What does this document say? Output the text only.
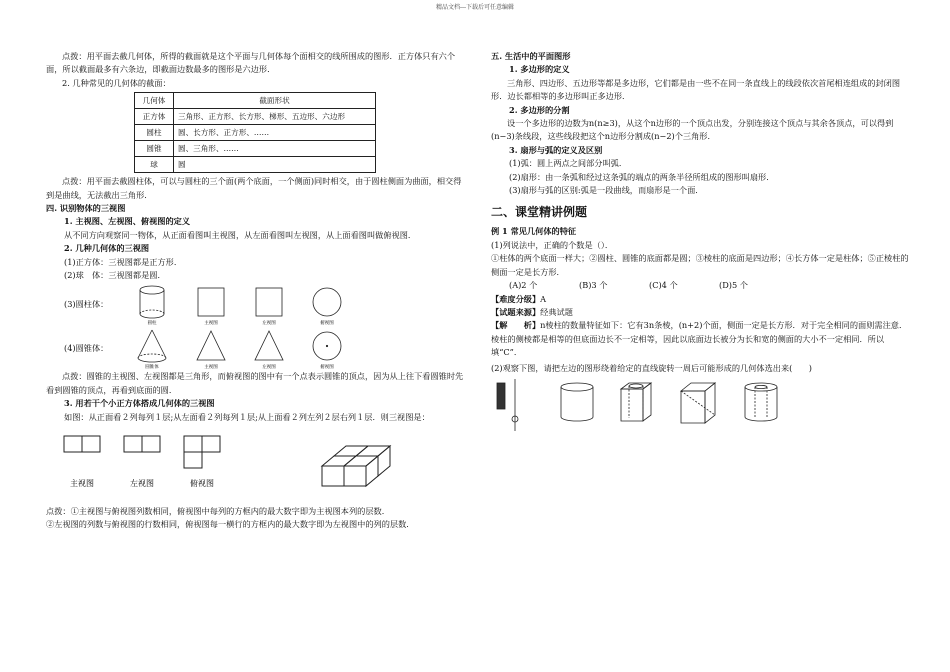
精品文档---下载后可任意编辑

点拨：用平面去截几何体，所得的截面就是这个平面与几何体每个面相交的线所围成的图形．正方体只有六个面，所以截面最多有六条边，即截面边数最多的图形是六边形．

2. 几种常见的几何体的截面：

几何体	截面形状
正方体	三角形、正方形、长方形、梯形、五边形、六边形
圆柱	圆、长方形、正方形、……
圆锥	圆、三角形、……
球	圆

点拨：用平面去截圆柱体，可以与圆柱的三个面(两个底面，一个侧面)同时相交，由于圆柱侧面为曲面，相交得到是曲线，无法截出三角形．

四. 识别物体的三视图

1. 主视图、左视图、俯视图的定义

从不同方向观察同一物体，从正面看图叫主视图，从左面看图叫左视图，从上面看图叫做俯视图．

2. 几种几何体的三视图

(1)正方体：三视图都是正方形．

(2)球　体：三视图都是圆．

(3)圆柱体：
圆柱	主视图	左视图	俯视图
(4)圆锥体：
圆锥体	主视图	左视图	俯视图

点拨：圆锥的主视图、左视图都是三角形，而俯视图的图中有一个点表示圆锥的顶点，因为从上往下看圆锥时先看到圆锥的顶点，再看到底面的圆．

3. 用若干个小正方体搭成几何体的三视图

如图：从正面看２列每列１层;从左面看２列每列１层;从上面看２列左列２层右列１层．则三视图是：

主视图	左视图	俯视图

点拨：①主视图与俯视图列数相同，俯视图中每列的方框内的最大数字即为主视图本列的层数．

②左视图的列数与俯视图的行数相同，俯视图每一横行的方框内的最大数字即为左视图中的列的层数．

五. 生活中的平面图形

1. 多边形的定义

三角形、四边形、五边形等都是多边形，它们都是由一些不在同一条直线上的线段依次首尾相连组成的封闭图形．边长都相等的多边形叫正多边形．

2. 多边形的分割

设一个多边形的边数为n(n≥3)，从这个n边形的一个顶点出发，分别连接这个顶点与其余各顶点，可以得到(n−3)条线段，这些线段把这个n边形分割成(n−2)个三角形．

3. 扇形与弧的定义及区别

(1)弧：圆上两点之间部分叫弧．

(2)扇形：由一条弧和经过这条弧的端点的两条半径所组成的图形叫扇形．

(3)扇形与弧的区别:弧是一段曲线，而扇形是一个面．

二、课堂精讲例题

例 1 常见几何体的特征

(1)列说法中，正确的个数是（）．

①柱体的两个底面一样大；②圆柱、圆锥的底面都是圆；③棱柱的底面是四边形；④长方体一定是柱体；⑤正棱柱的侧面一定是长方形．

(A)2 个	(B)3 个	(C)4 个	(D)5 个

【难度分级】A

【试题来源】经典试题

【解　　析】n棱柱的数量特征如下：它有3n条棱，(n+2)个面，侧面一定是长方形．对于完全相同的面则需注意．棱柱的侧棱都是相等的但底面边长不一定相等，因此以底面边长被分为长和宽的侧面的大小不一定相同．所以填“C”．

(2)观察下图，请把左边的图形绕着给定的直线旋转一周后可能形成的几何体选出来(　　)
